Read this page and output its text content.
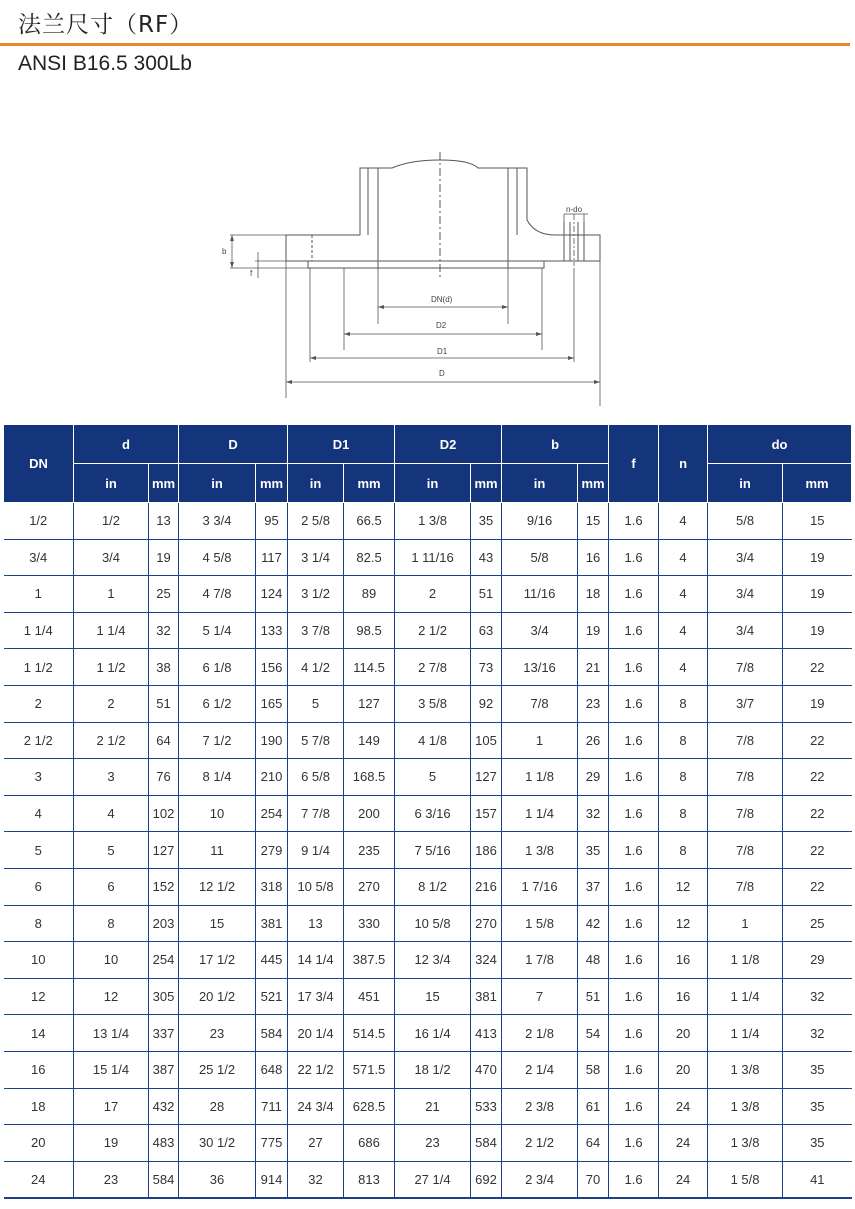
法兰尺寸（RF）
ANSI B16.5 300Lb
b
f
n-do
DN(d)
D2
D1
D
DN	d		D		D1		D2		b		f	n	do	
	in	mm	in	mm	in	mm	in	mm	in	mm			in	mm
1/2	1/2	13	3 3/4	95	2 5/8	66.5	1 3/8	35	9/16	15	1.6	4	5/8	15
3/4	3/4	19	4 5/8	117	3 1/4	82.5	1 11/16	43	5/8	16	1.6	4	3/4	19
1	1	25	4 7/8	124	3 1/2	89	2	51	11/16	18	1.6	4	3/4	19
1 1/4	1 1/4	32	5 1/4	133	3 7/8	98.5	2 1/2	63	3/4	19	1.6	4	3/4	19
1 1/2	1 1/2	38	6 1/8	156	4 1/2	114.5	2 7/8	73	13/16	21	1.6	4	7/8	22
2	2	51	6 1/2	165	5	127	3 5/8	92	7/8	23	1.6	8	3/7	19
2 1/2	2 1/2	64	7 1/2	190	5 7/8	149	4 1/8	105	1	26	1.6	8	7/8	22
3	3	76	8 1/4	210	6 5/8	168.5	5	127	1 1/8	29	1.6	8	7/8	22
4	4	102	10	254	7 7/8	200	6 3/16	157	1 1/4	32	1.6	8	7/8	22
5	5	127	11	279	9 1/4	235	7 5/16	186	1 3/8	35	1.6	8	7/8	22
6	6	152	12 1/2	318	10 5/8	270	8 1/2	216	1 7/16	37	1.6	12	7/8	22
8	8	203	15	381	13	330	10 5/8	270	1 5/8	42	1.6	12	1	25
10	10	254	17 1/2	445	14 1/4	387.5	12 3/4	324	1 7/8	48	1.6	16	1 1/8	29
12	12	305	20 1/2	521	17 3/4	451	15	381	7	51	1.6	16	1 1/4	32
14	13 1/4	337	23	584	20 1/4	514.5	16 1/4	413	2 1/8	54	1.6	20	1 1/4	32
16	15 1/4	387	25 1/2	648	22 1/2	571.5	18 1/2	470	2 1/4	58	1.6	20	1 3/8	35
18	17	432	28	711	24 3/4	628.5	21	533	2 3/8	61	1.6	24	1 3/8	35
20	19	483	30 1/2	775	27	686	23	584	2 1/2	64	1.6	24	1 3/8	35
24	23	584	36	914	32	813	27 1/4	692	2 3/4	70	1.6	24	1 5/8	41
